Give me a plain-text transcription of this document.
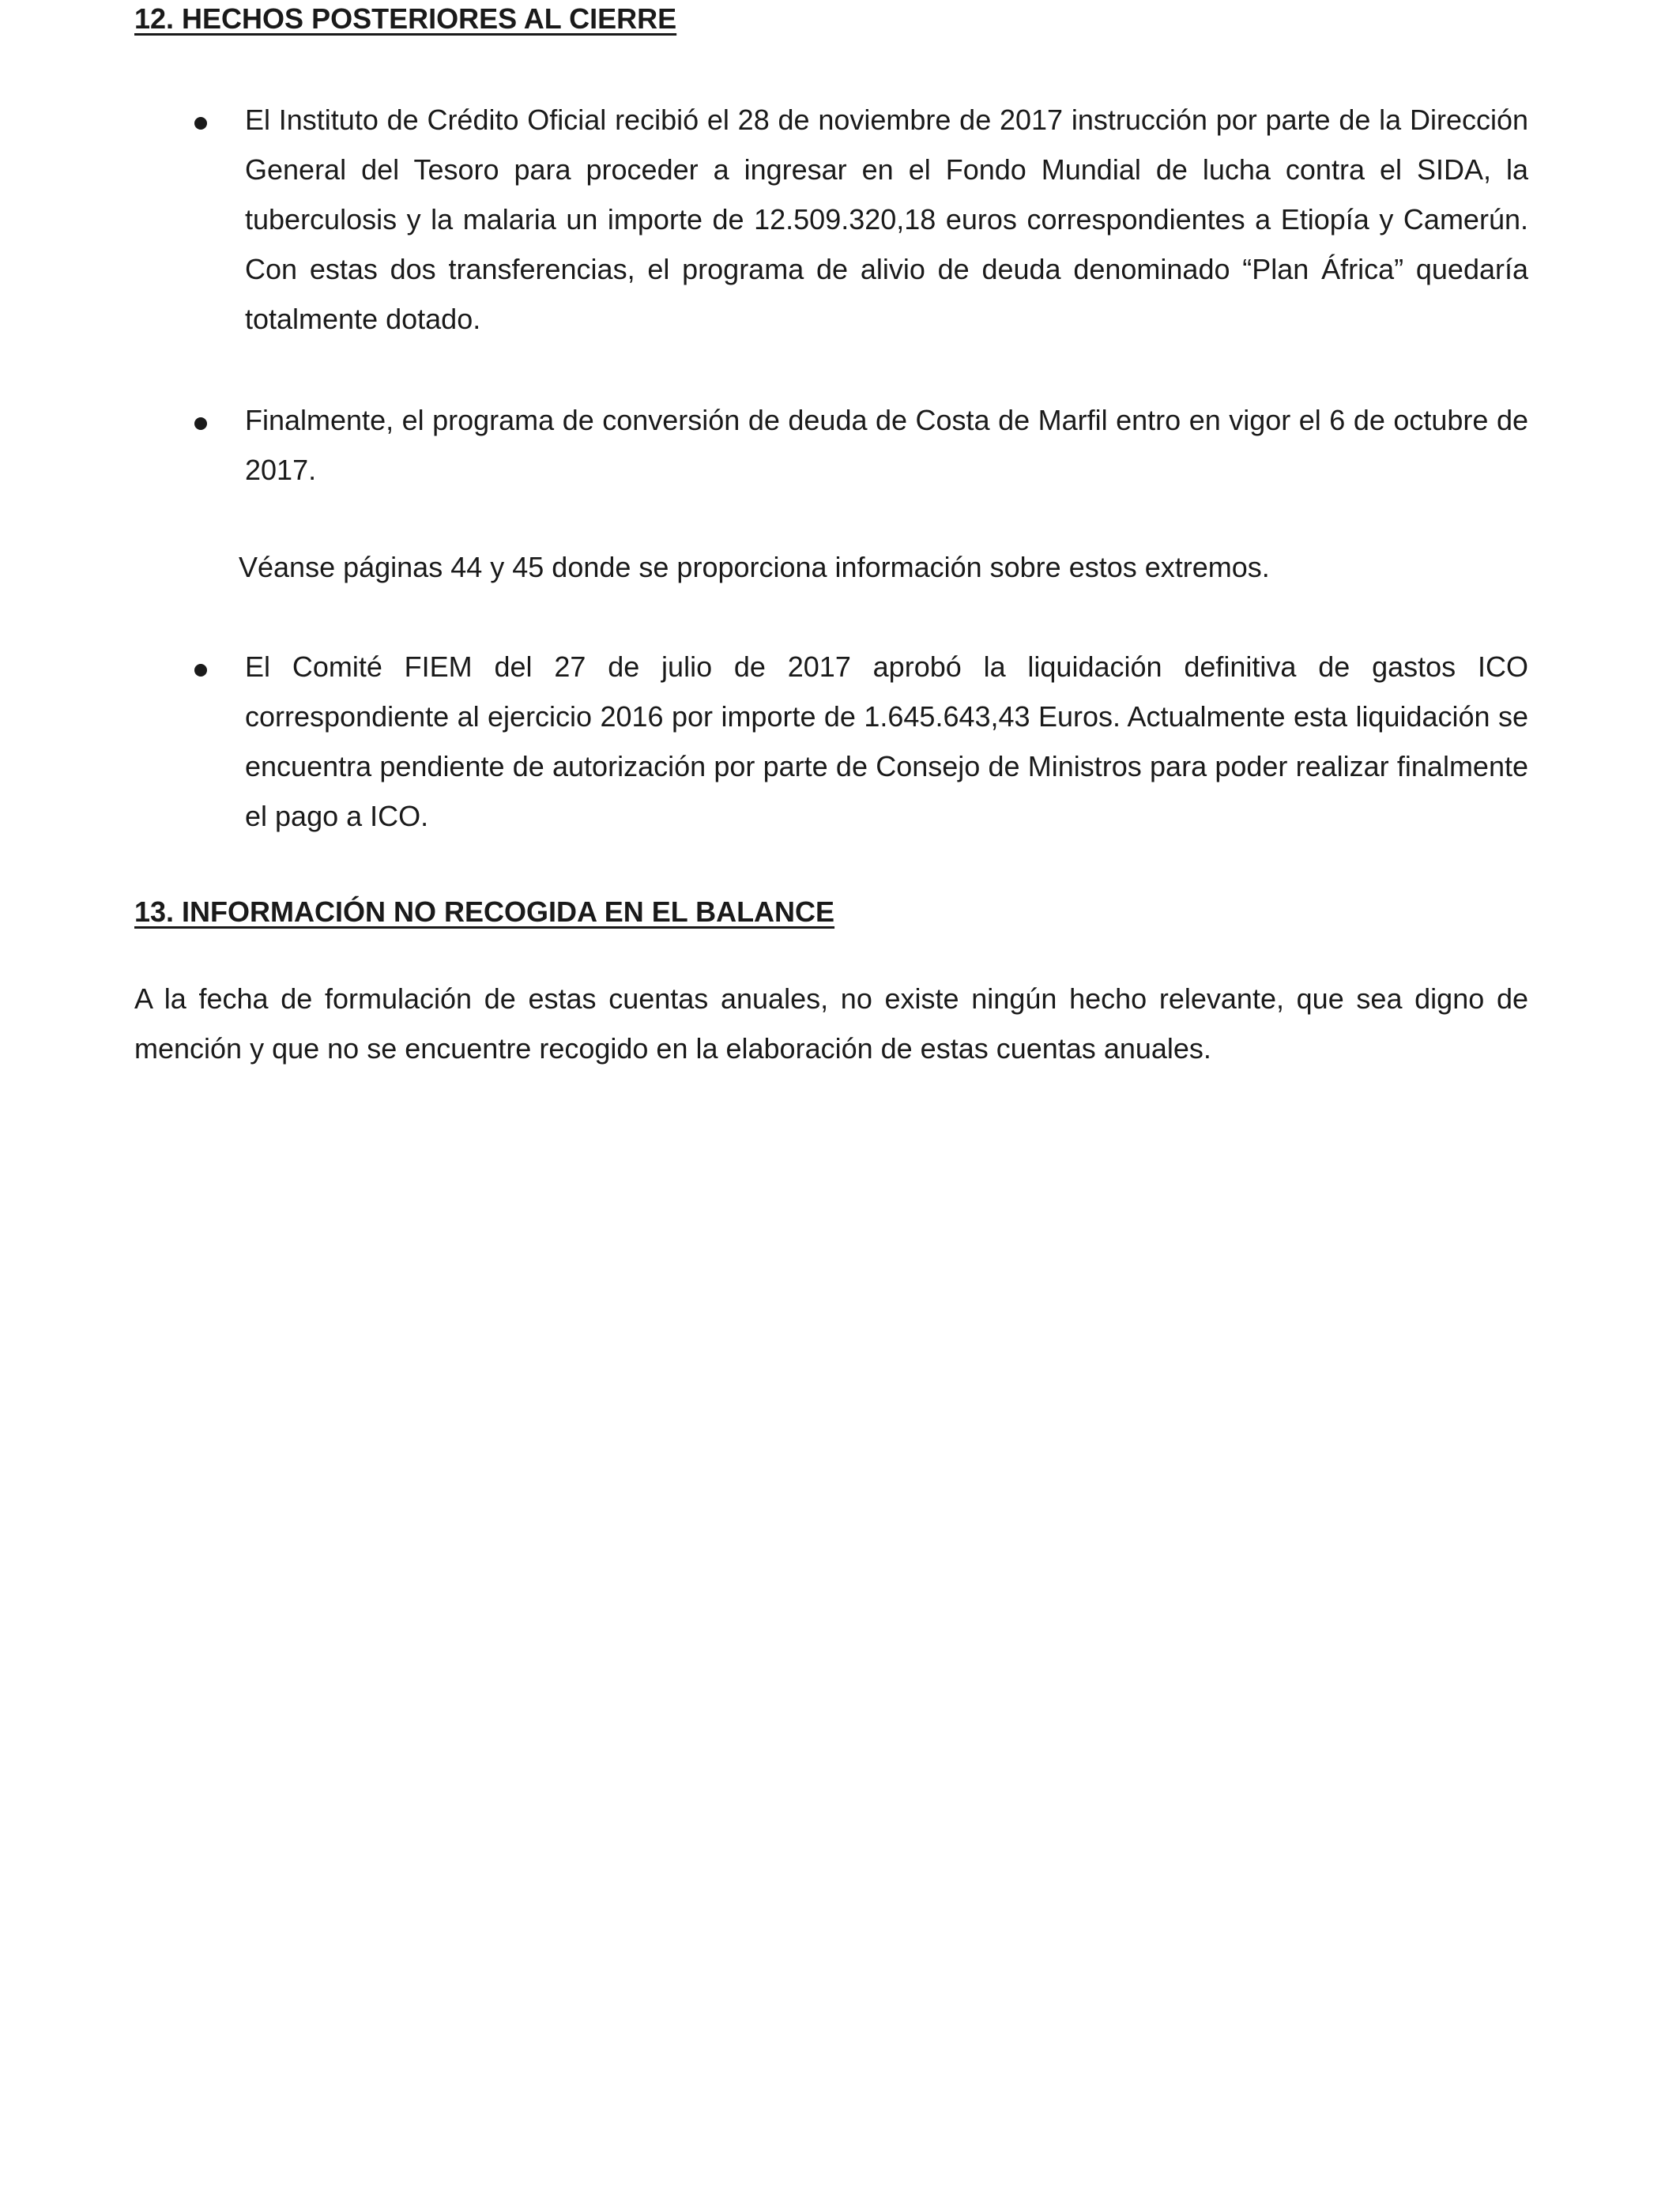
12. HECHOS POSTERIORES AL CIERRE

El Instituto de Crédito Oficial recibió el 28 de noviembre de 2017 instrucción por parte de la Dirección General del Tesoro para proceder a ingresar en el Fondo Mundial de lucha contra el SIDA, la tuberculosis y la malaria un importe de 12.509.320,18 euros correspondientes a Etiopía y Camerún. Con estas dos transferencias, el programa de alivio de deuda denominado “Plan África” quedaría totalmente dotado.

Finalmente, el programa de conversión de deuda de Costa de Marfil entro en vigor el 6 de octubre de 2017.

Véanse páginas 44 y 45 donde se proporciona información sobre estos extremos.

El Comité FIEM del 27 de julio de 2017 aprobó la liquidación definitiva de gastos ICO correspondiente al ejercicio 2016 por importe de 1.645.643,43 Euros. Actualmente esta liquidación se encuentra pendiente de autorización por parte de Consejo de Ministros para poder realizar finalmente el pago a ICO.

13. INFORMACIÓN NO RECOGIDA EN EL BALANCE

A la fecha de formulación de estas cuentas anuales, no existe ningún hecho relevante, que sea digno de mención y que no se encuentre recogido en la elaboración de estas cuentas anuales.
